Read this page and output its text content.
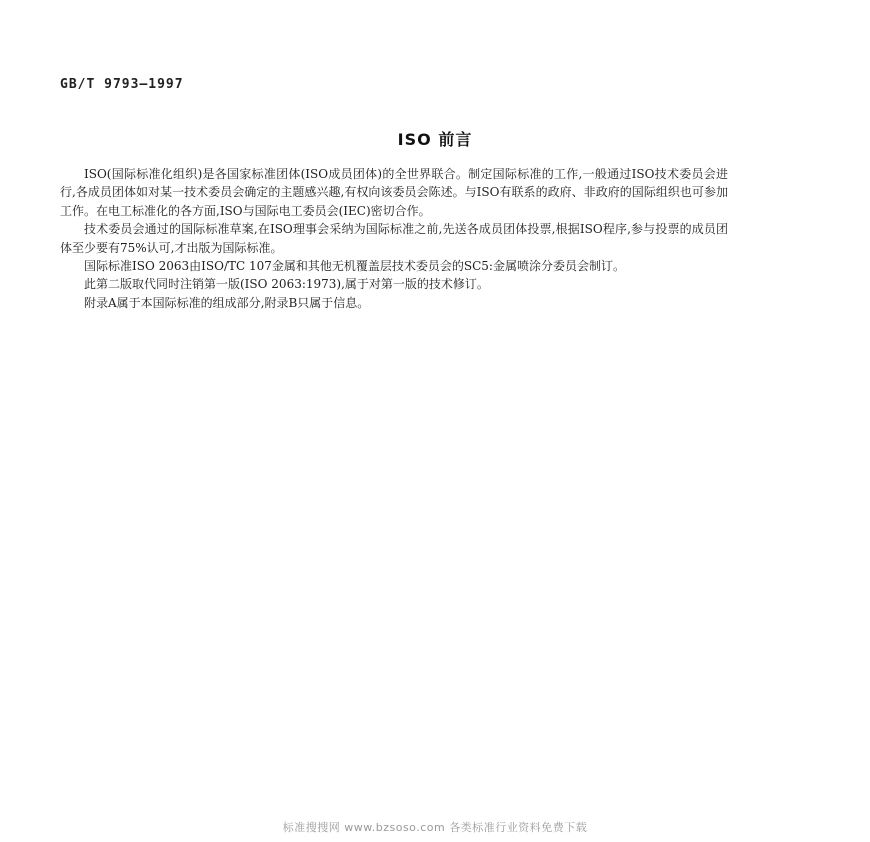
GB/T 9793—1997
ISO 前言

ISO(国际标准化组织)是各国家标准团体(ISO成员团体)的全世界联合。制定国际标准的工作,一般通过ISO技术委员会进行,各成员团体如对某一技术委员会确定的主题感兴趣,有权向该委员会陈述。与ISO有联系的政府、非政府的国际组织也可参加工作。在电工标准化的各方面,ISO与国际电工委员会(IEC)密切合作。

技术委员会通过的国际标准草案,在ISO理事会采纳为国际标准之前,先送各成员团体投票,根据ISO程序,参与投票的成员团体至少要有75%认可,才出版为国际标准。

国际标准ISO 2063由ISO/TC 107金属和其他无机覆盖层技术委员会的SC5:金属喷涂分委员会制订。

此第二版取代同时注销第一版(ISO 2063:1973),属于对第一版的技术修订。

附录A属于本国际标准的组成部分,附录B只属于信息。

标准搜搜网 www.bzsoso.com 各类标准行业资料免费下载
